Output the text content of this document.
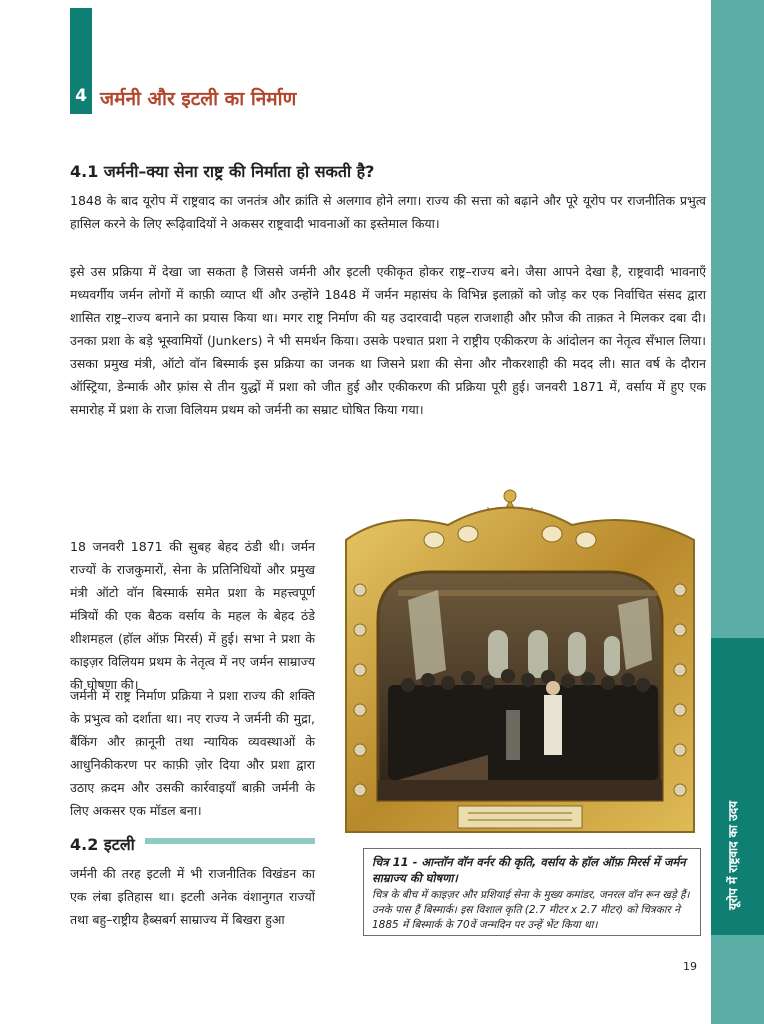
यूरोप में राष्ट्रवाद का उदय
4 जर्मनी और इटली का निर्माण
4.1 जर्मनी–क्या सेना राष्ट्र की निर्माता हो सकती है?

1848 के बाद यूरोप में राष्ट्रवाद का जनतंत्र और क्रांति से अलगाव होने लगा। राज्य की सत्ता को बढ़ाने और पूरे यूरोप पर राजनीतिक प्रभुत्व हासिल करने के लिए रूढ़िवादियों ने अकसर राष्ट्रवादी भावनाओं का इस्तेमाल किया।

इसे उस प्रक्रिया में देखा जा सकता है जिससे जर्मनी और इटली एकीकृत होकर राष्ट्र–राज्य बने। जैसा आपने देखा है, राष्ट्रवादी भावनाएँ मध्यवर्गीय जर्मन लोगों में काफ़ी व्याप्त थीं और उन्होंने 1848 में जर्मन महासंघ के विभिन्न इलाक़ों को जोड़ कर एक निर्वाचित संसद द्वारा शासित राष्ट्र–राज्य बनाने का प्रयास किया था। मगर राष्ट्र निर्माण की यह उदारवादी पहल राजशाही और फ़ौज की ताक़त ने मिलकर दबा दी। उनका प्रशा के बड़े भूस्वामियों (Junkers) ने भी समर्थन किया। उसके पश्चात प्रशा ने राष्ट्रीय एकीकरण के आंदोलन का नेतृत्व सँभाल लिया। उसका प्रमुख मंत्री, ऑटो वॉन बिस्मार्क इस प्रक्रिया का जनक था जिसने प्रशा की सेना और नौकरशाही की मदद ली। सात वर्ष के दौरान ऑस्ट्रिया, डेन्मार्क और फ़्रांस से तीन युद्धों में प्रशा को जीत हुई और एकीकरण की प्रक्रिया पूरी हुई। जनवरी 1871 में, वर्साय में हुए एक समारोह में प्रशा के राजा विलियम प्रथम को जर्मनी का सम्राट घोषित किया गया।

18 जनवरी 1871 की सुबह बेहद ठंडी थी। जर्मन राज्यों के राजकुमारों, सेना के प्रतिनिधियों और प्रमुख मंत्री ऑटो वॉन बिस्मार्क समेत प्रशा के महत्त्वपूर्ण मंत्रियों की एक बैठक वर्साय के महल के बेहद ठंडे शीशमहल (हॉल ऑफ़ मिरर्स) में हुई। सभा ने प्रशा के काइज़र विलियम प्रथम के नेतृत्व में नए जर्मन साम्राज्य की घोषणा की।

जर्मनी में राष्ट्र निर्माण प्रक्रिया ने प्रशा राज्य की शक्ति के प्रभुत्व को दर्शाता था। नए राज्य ने जर्मनी की मुद्रा, बैंकिंग और क़ानूनी तथा न्यायिक व्यवस्थाओं के आधुनिकीकरण पर काफ़ी ज़ोर दिया और प्रशा द्वारा उठाए क़दम और उसकी कार्रवाइयाँ बाक़ी जर्मनी के लिए अकसर एक मॉडल बना।

4.2 इटली

जर्मनी की तरह इटली में भी राजनीतिक विखंडन का एक लंबा इतिहास था। इटली अनेक वंशानुगत राज्यों तथा बहु–राष्ट्रीय हैब्सबर्ग साम्राज्य में बिखरा हुआ

चित्र 11 - आन्तॉन वॉन वर्नर की कृति, वर्साय के हॉल ऑफ़ मिरर्स में जर्मन साम्राज्य की घोषणा।

चित्र के बीच में काइज़र और प्रशियाई सेना के मुख्य कमांडर, जनरल वॉन रून खड़े हैं। उनके पास हैं बिस्मार्क। इस विशाल कृति (2.7 मीटर x 2.7 मीटर) को चित्रकार ने 1885 में बिस्मार्क के 70वें जन्मदिन पर उन्हें भेंट किया था।

19
